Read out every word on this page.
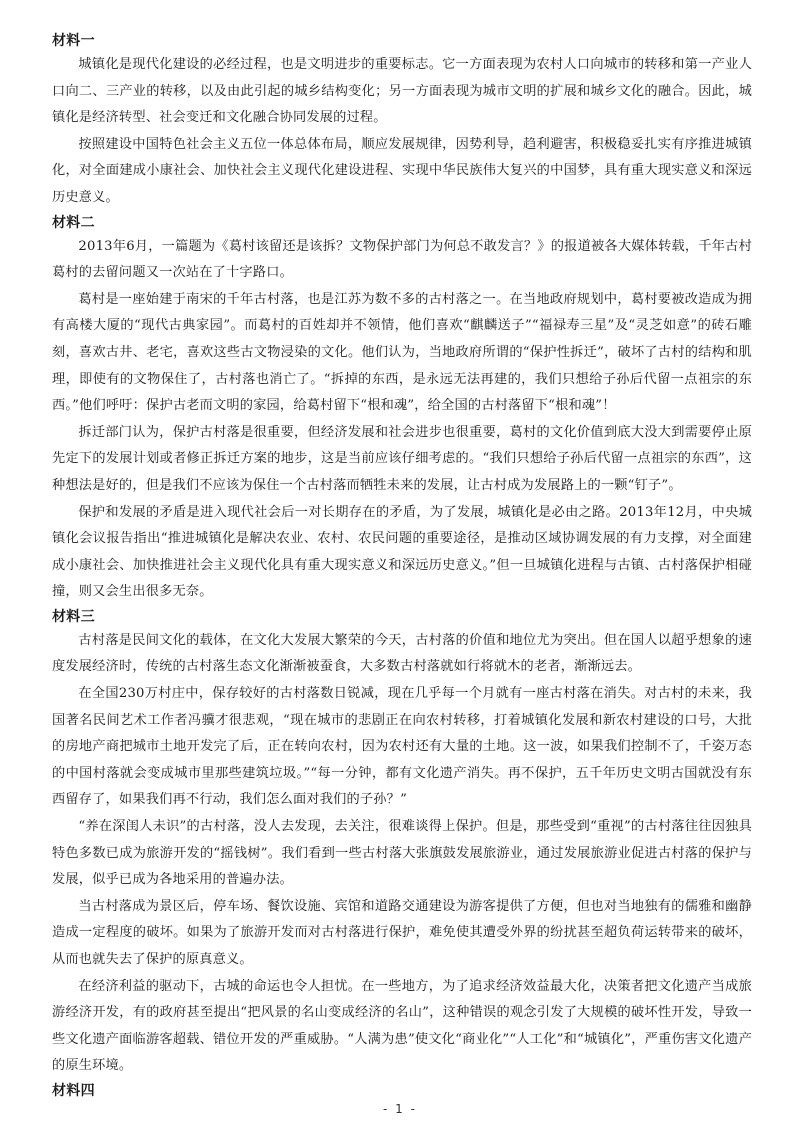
材料一

城镇化是现代化建设的必经过程，也是文明进步的重要标志。它一方面表现为农村人口向城市的转移和第一产业人口向二、三产业的转移，以及由此引起的城乡结构变化；另一方面表现为城市文明的扩展和城乡文化的融合。因此，城镇化是经济转型、社会变迁和文化融合协同发展的过程。

按照建设中国特色社会主义五位一体总体布局，顺应发展规律，因势利导，趋利避害，积极稳妥扎实有序推进城镇化，对全面建成小康社会、加快社会主义现代化建设进程、实现中华民族伟大复兴的中国梦，具有重大现实意义和深远历史意义。

材料二

2013年6月，一篇题为《葛村该留还是该拆？文物保护部门为何总不敢发言？》的报道被各大媒体转载，千年古村葛村的去留问题又一次站在了十字路口。

葛村是一座始建于南宋的千年古村落，也是江苏为数不多的古村落之一。在当地政府规划中，葛村要被改造成为拥有高楼大厦的“现代古典家园”。而葛村的百姓却并不领情，他们喜欢“麒麟送子”“福禄寿三星”及“灵芝如意”的砖石雕刻，喜欢古井、老宅，喜欢这些古文物浸染的文化。他们认为，当地政府所谓的“保护性拆迁”，破坏了古村的结构和肌理，即使有的文物保住了，古村落也消亡了。“拆掉的东西，是永远无法再建的，我们只想给子孙后代留一点祖宗的东西。”他们呼吁：保护古老而文明的家园，给葛村留下“根和魂”，给全国的古村落留下“根和魂”！

拆迁部门认为，保护古村落是很重要，但经济发展和社会进步也很重要，葛村的文化价值到底大没大到需要停止原先定下的发展计划或者修正拆迁方案的地步，这是当前应该仔细考虑的。“我们只想给子孙后代留一点祖宗的东西”，这种想法是好的，但是我们不应该为保住一个古村落而牺牲未来的发展，让古村成为发展路上的一颗“钉子”。

保护和发展的矛盾是进入现代社会后一对长期存在的矛盾，为了发展，城镇化是必由之路。2013年12月，中央城镇化会议报告指出“推进城镇化是解决农业、农村、农民问题的重要途径，是推动区域协调发展的有力支撑，对全面建成小康社会、加快推进社会主义现代化具有重大现实意义和深远历史意义。”但一旦城镇化进程与古镇、古村落保护相碰撞，则又会生出很多无奈。

材料三

古村落是民间文化的载体，在文化大发展大繁荣的今天，古村落的价值和地位尤为突出。但在国人以超乎想象的速度发展经济时，传统的古村落生态文化渐渐被蚕食，大多数古村落就如行将就木的老者，渐渐远去。

在全国230万村庄中，保存较好的古村落数日锐减，现在几乎每一个月就有一座古村落在消失。对古村的未来，我国著名民间艺术工作者冯骥才很悲观，“现在城市的悲剧正在向农村转移，打着城镇化发展和新农村建设的口号，大批的房地产商把城市土地开发完了后，正在转向农村，因为农村还有大量的土地。这一波，如果我们控制不了，千姿万态的中国村落就会变成城市里那些建筑垃圾。”“每一分钟，都有文化遗产消失。再不保护，五千年历史文明古国就没有东西留存了，如果我们再不行动，我们怎么面对我们的子孙？”

“养在深闺人未识”的古村落，没人去发现，去关注，很难谈得上保护。但是，那些受到“重视”的古村落往往因独具特色多数已成为旅游开发的“摇钱树”。我们看到一些古村落大张旗鼓发展旅游业，通过发展旅游业促进古村落的保护与发展，似乎已成为各地采用的普遍办法。

当古村落成为景区后，停车场、餐饮设施、宾馆和道路交通建设为游客提供了方便，但也对当地独有的儒雅和幽静造成一定程度的破坏。如果为了旅游开发而对古村落进行保护，难免使其遭受外界的纷扰甚至超负荷运转带来的破坏，从而也就失去了保护的原真意义。

在经济利益的驱动下，古城的命运也令人担忧。在一些地方，为了追求经济效益最大化，决策者把文化遗产当成旅游经济开发，有的政府甚至提出“把风景的名山变成经济的名山”，这种错误的观念引发了大规模的破坏性开发，导致一些文化遗产面临游客超载、错位开发的严重威胁。“人满为患”使文化“商业化”“人工化”和“城镇化”，严重伤害文化遗产的原生环境。

材料四
- 1 -
